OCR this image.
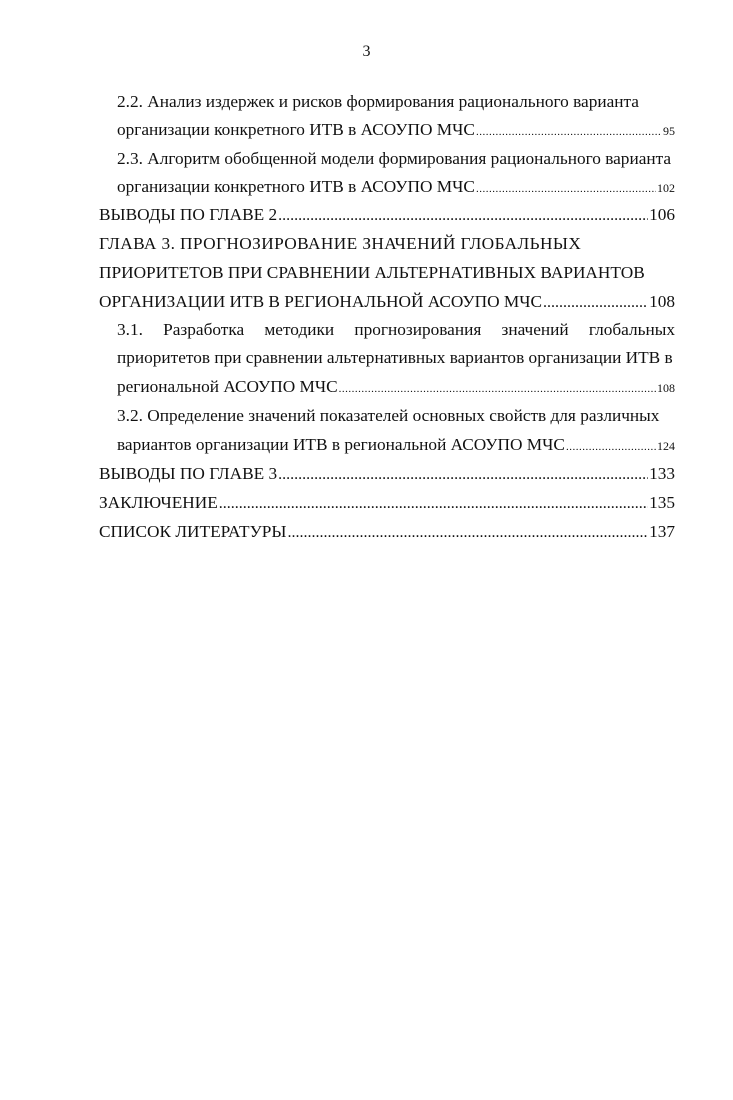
3
2.2. Анализ издержек и рисков формирования рационального варианта
организации конкретного ИТВ в АСОУПО МЧС .....	95
2.3. Алгоритм обобщенной модели формирования рационального варианта
организации конкретного ИТВ в АСОУПО МЧС .....	102
ВЫВОДЫ ПО ГЛАВЕ 2 .....	106
ГЛАВА 3. ПРОГНОЗИРОВАНИЕ ЗНАЧЕНИЙ ГЛОБАЛЬНЫХ
ПРИОРИТЕТОВ ПРИ СРАВНЕНИИ АЛЬТЕРНАТИВНЫХ ВАРИАНТОВ
ОРГАНИЗАЦИИ ИТВ В РЕГИОНАЛЬНОЙ АСОУПО МЧС .....	108
3.1. Разработка методики прогнозирования значений глобальных
приоритетов при сравнении альтернативных вариантов организации ИТВ в
региональной АСОУПО МЧС .....	108
3.2. Определение значений показателей основных свойств для различных
вариантов организации ИТВ в региональной АСОУПО МЧС .....	124
ВЫВОДЫ ПО ГЛАВЕ 3 .....	133
ЗАКЛЮЧЕНИЕ .....	135
СПИСОК ЛИТЕРАТУРЫ .....	137
